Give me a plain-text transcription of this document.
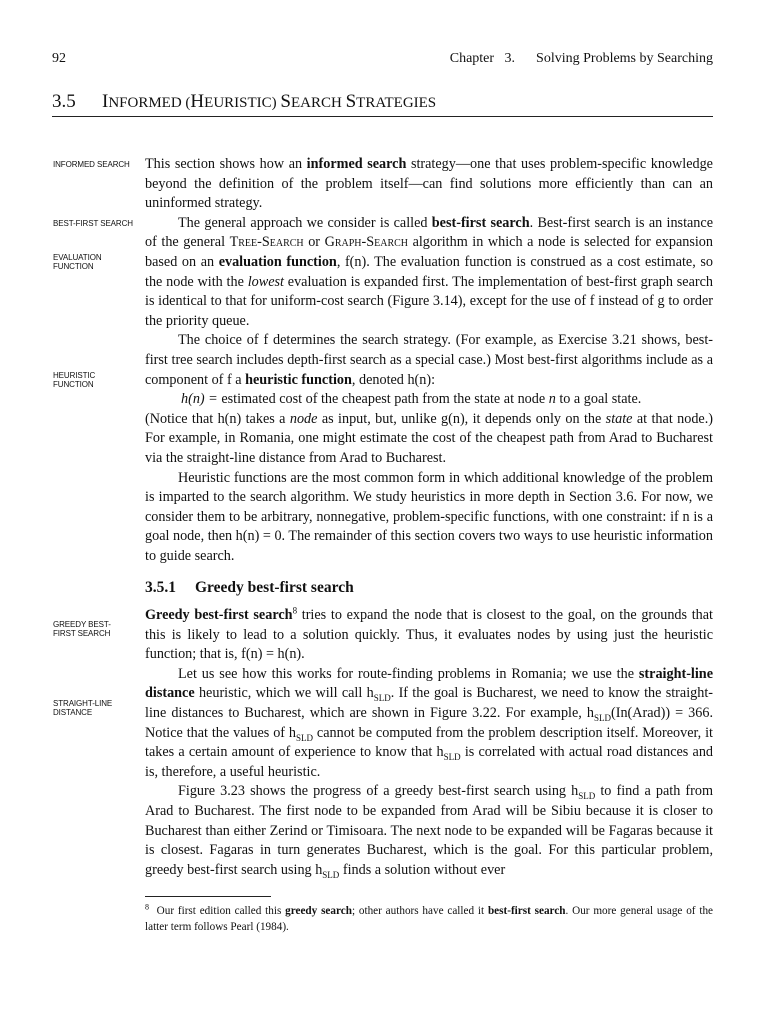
92	Chapter   3.      Solving Problems by Searching
3.5 INFORMED (HEURISTIC) SEARCH STRATEGIES
INFORMED SEARCH
BEST-FIRST SEARCH
EVALUATION FUNCTION
HEURISTIC FUNCTION
GREEDY BEST-FIRST SEARCH
STRAIGHT-LINE DISTANCE

This section shows how an informed search strategy—one that uses problem-specific knowledge beyond the definition of the problem itself—can find solutions more efficiently than can an uninformed strategy.

The general approach we consider is called best-first search. Best-first search is an instance of the general Tree-Search or Graph-Search algorithm in which a node is selected for expansion based on an evaluation function, f(n). The evaluation function is construed as a cost estimate, so the node with the lowest evaluation is expanded first. The implementation of best-first graph search is identical to that for uniform-cost search (Figure 3.14), except for the use of f instead of g to order the priority queue.

The choice of f determines the search strategy. (For example, as Exercise 3.21 shows, best-first tree search includes depth-first search as a special case.) Most best-first algorithms include as a component of f a heuristic function, denoted h(n):

h(n) = estimated cost of the cheapest path from the state at node n to a goal state.

(Notice that h(n) takes a node as input, but, unlike g(n), it depends only on the state at that node.) For example, in Romania, one might estimate the cost of the cheapest path from Arad to Bucharest via the straight-line distance from Arad to Bucharest.

Heuristic functions are the most common form in which additional knowledge of the problem is imparted to the search algorithm. We study heuristics in more depth in Section 3.6. For now, we consider them to be arbitrary, nonnegative, problem-specific functions, with one constraint: if n is a goal node, then h(n) = 0. The remainder of this section covers two ways to use heuristic information to guide search.

3.5.1 Greedy best-first search

Greedy best-first search$^8$ tries to expand the node that is closest to the goal, on the grounds that this is likely to lead to a solution quickly. Thus, it evaluates nodes by using just the heuristic function; that is, f(n) = h(n).

Let us see how this works for route-finding problems in Romania; we use the straight-line distance heuristic, which we will call $h_{SLD}$. If the goal is Bucharest, we need to know the straight-line distances to Bucharest, which are shown in Figure 3.22. For example, $h_{SLD}(In(Arad)) = 366$. Notice that the values of $h_{SLD}$ cannot be computed from the problem description itself. Moreover, it takes a certain amount of experience to know that $h_{SLD}$ is correlated with actual road distances and is, therefore, a useful heuristic.

Figure 3.23 shows the progress of a greedy best-first search using $h_{SLD}$ to find a path from Arad to Bucharest. The first node to be expanded from Arad will be Sibiu because it is closer to Bucharest than either Zerind or Timisoara. The next node to be expanded will be Fagaras because it is closest. Fagaras in turn generates Bucharest, which is the goal. For this particular problem, greedy best-first search using $h_{SLD}$ finds a solution without ever

$^8$ Our first edition called this greedy search; other authors have called it best-first search. Our more general usage of the latter term follows Pearl (1984).
